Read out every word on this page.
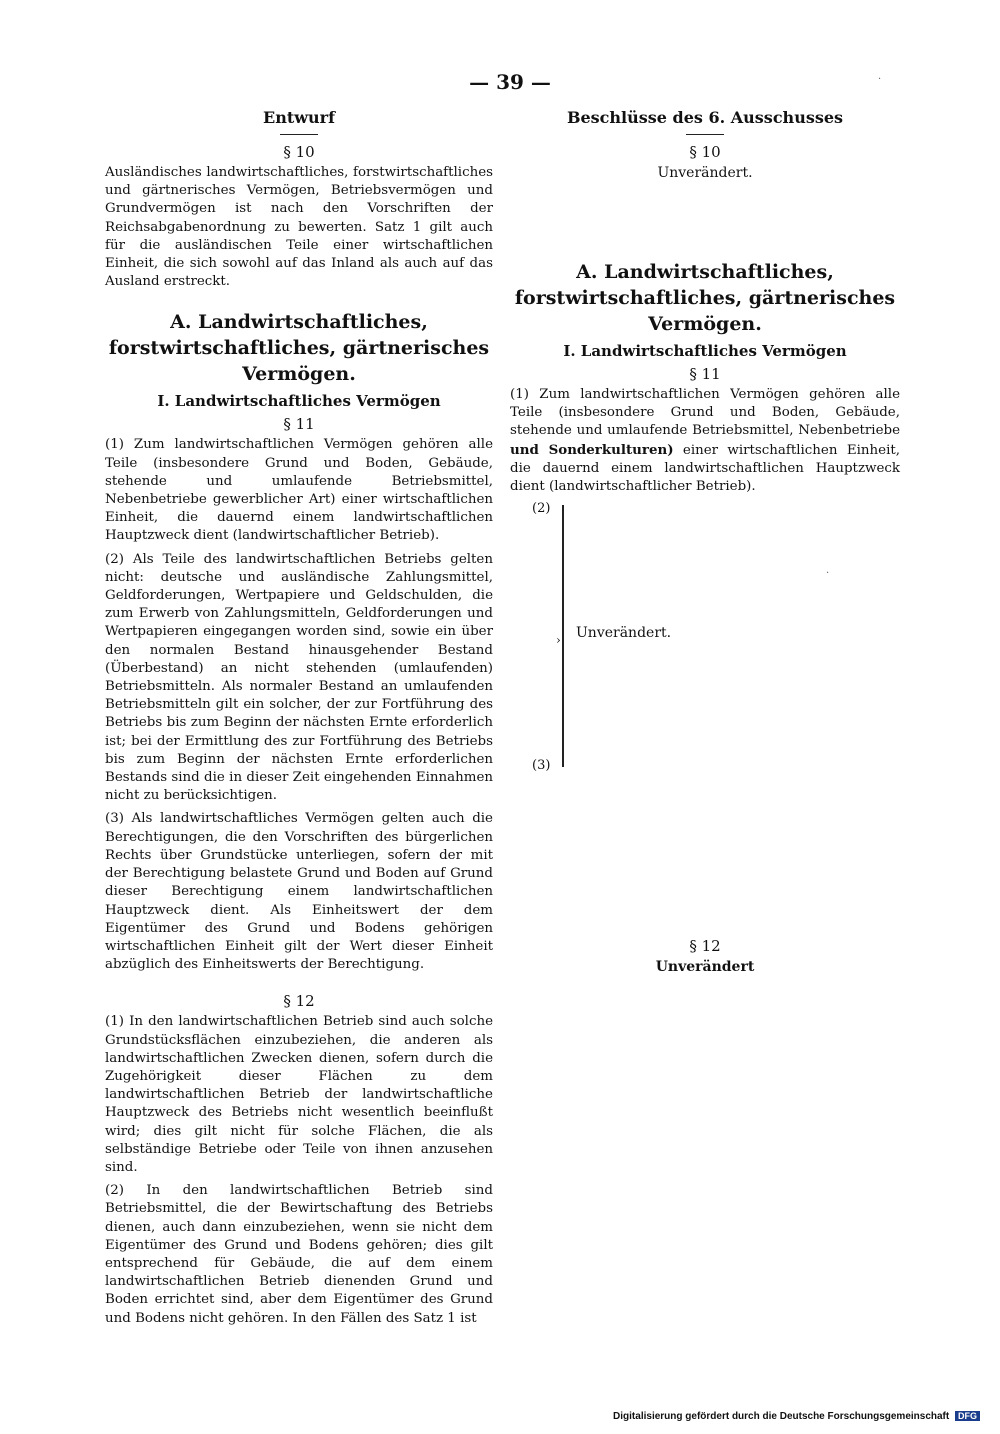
— 39 —
Entwurf
§ 10

Ausländisches landwirtschaftliches, forstwirtschaftliches und gärtnerisches Vermögen, Betriebsvermögen und Grundvermögen ist nach den Vorschriften der Reichsabgabenordnung zu bewerten. Satz 1 gilt auch für die ausländischen Teile einer wirtschaftlichen Einheit, die sich sowohl auf das Inland als auch auf das Ausland erstreckt.

A. Landwirtschaftliches, forstwirtschaftliches, gärtnerisches Vermögen.
I. Landwirtschaftliches Vermögen
§ 11

(1) Zum landwirtschaftlichen Vermögen gehören alle Teile (insbesondere Grund und Boden, Gebäude, stehende und umlaufende Betriebsmittel, Nebenbetriebe gewerblicher Art) einer wirtschaftlichen Einheit, die dauernd einem landwirtschaftlichen Hauptzweck dient (landwirtschaftlicher Betrieb).

(2) Als Teile des landwirtschaftlichen Betriebs gelten nicht: deutsche und ausländische Zahlungsmittel, Geldforderungen, Wertpapiere und Geldschulden, die zum Erwerb von Zahlungsmitteln, Geldforderungen und Wertpapieren eingegangen worden sind, sowie ein über den normalen Bestand hinausgehender Bestand (Überbestand) an nicht stehenden (umlaufenden) Betriebsmitteln. Als normaler Bestand an umlaufenden Betriebsmitteln gilt ein solcher, der zur Fortführung des Betriebs bis zum Beginn der nächsten Ernte erforderlich ist; bei der Ermittlung des zur Fortführung des Betriebs bis zum Beginn der nächsten Ernte erforderlichen Bestands sind die in dieser Zeit eingehenden Einnahmen nicht zu berücksichtigen.

(3) Als landwirtschaftliches Vermögen gelten auch die Berechtigungen, die den Vorschriften des bürgerlichen Rechts über Grundstücke unterliegen, sofern der mit der Berechtigung belastete Grund und Boden auf Grund dieser Berechtigung einem landwirtschaftlichen Hauptzweck dient. Als Einheitswert der dem Eigentümer des Grund und Bodens gehörigen wirtschaftlichen Einheit gilt der Wert dieser Einheit abzüglich des Einheitswerts der Berechtigung.

§ 12

(1) In den landwirtschaftlichen Betrieb sind auch solche Grundstücksflächen einzubeziehen, die anderen als landwirtschaftlichen Zwecken dienen, sofern durch die Zugehörigkeit dieser Flächen zu dem landwirtschaftlichen Betrieb der landwirtschaftliche Hauptzweck des Betriebs nicht wesentlich beeinflußt wird; dies gilt nicht für solche Flächen, die als selbständige Betriebe oder Teile von ihnen anzusehen sind.

(2) In den landwirtschaftlichen Betrieb sind Betriebsmittel, die der Bewirtschaftung des Betriebs dienen, auch dann einzubeziehen, wenn sie nicht dem Eigentümer des Grund und Bodens gehören; dies gilt entsprechend für Gebäude, die auf dem einem landwirtschaftlichen Betrieb dienenden Grund und Boden errichtet sind, aber dem Eigentümer des Grund und Bodens nicht gehören. In den Fällen des Satz 1 ist

Beschlüsse des 6. Ausschusses
§ 10

Unverändert.

A. Landwirtschaftliches, forstwirtschaftliches, gärtnerisches Vermögen.
I. Landwirtschaftliches Vermögen
§ 11

(1) Zum landwirtschaftlichen Vermögen gehören alle Teile (insbesondere Grund und Boden, Gebäude, stehende und umlaufende Betriebsmittel, Nebenbetriebe und Sonderkulturen) einer wirtschaftlichen Einheit, die dauernd einem landwirtschaftlichen Hauptzweck dient (landwirtschaftlicher Betrieb).

(2)
› Unverändert.
(3)
§ 12

Unverändert

·
·
Digitalisierung gefördert durch die Deutsche Forschungsgemeinschaft DFG
